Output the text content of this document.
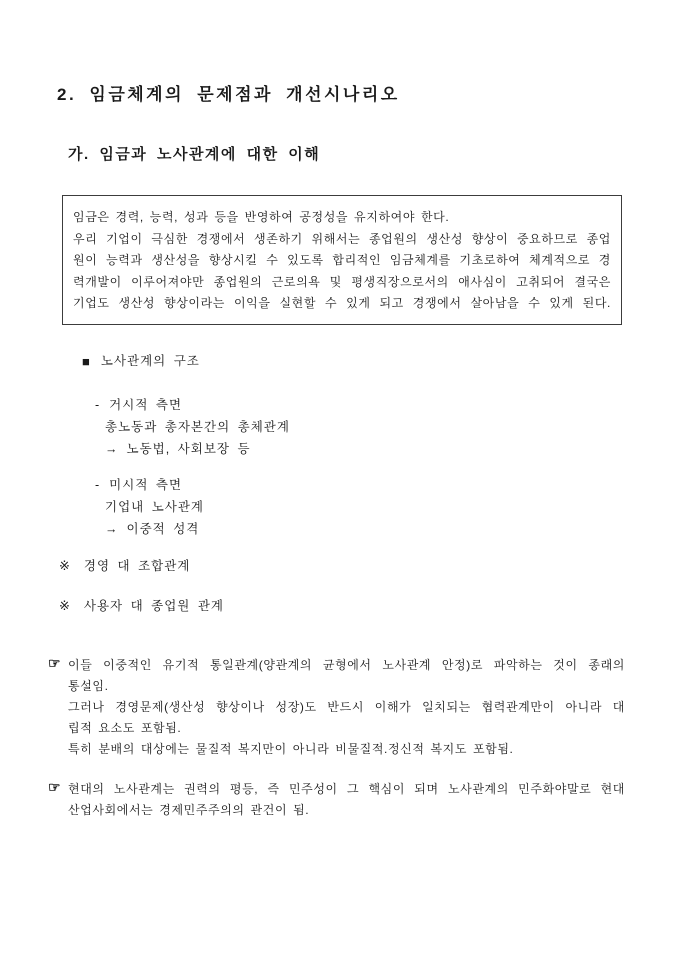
2. 임금체계의 문제점과 개선시나리오
가. 임금과 노사관계에 대한 이해
임금은 경력, 능력, 성과 등을 반영하여 공정성을 유지하여야 한다.
우리 기업이 극심한 경쟁에서 생존하기 위해서는 종업원의 생산성 향상이 중요하므로 종업
원이 능력과 생산성을 향상시킬 수 있도록 합리적인 임금체계를 기초로하여 체계적으로 경
력개발이 이루어져야만 종업원의 근로의욕 및 평생직장으로서의 애사심이 고취되어 결국은
기업도 생산성 향상이라는 이익을 실현할 수 있게 되고 경쟁에서 살아남을 수 있게 된다.
■ 노사관계의 구조
- 거시적 측면
총노동과 총자본간의 총체관계
→ 노동법, 사회보장 등
- 미시적 측면
기업내 노사관계
→ 이중적 성격
※ 경영 대 조합관계
※ 사용자 대 종업원 관계
☞ 이들 이중적인 유기적 통일관계(양관계의 균형에서 노사관계 안정)로 파악하는 것이 종래의
통설임.
그러나 경영문제(생산성 향상이나 성장)도 반드시 이해가 일치되는 협력관계만이 아니라 대
립적 요소도 포함됨.
특히 분배의 대상에는 물질적 복지만이 아니라 비물질적.정신적 복지도 포함됨.
☞ 현대의 노사관계는 권력의 평등, 즉 민주성이 그 핵심이 되며 노사관계의 민주화야말로 현대
산업사회에서는 경제민주주의의 관건이 됨.
